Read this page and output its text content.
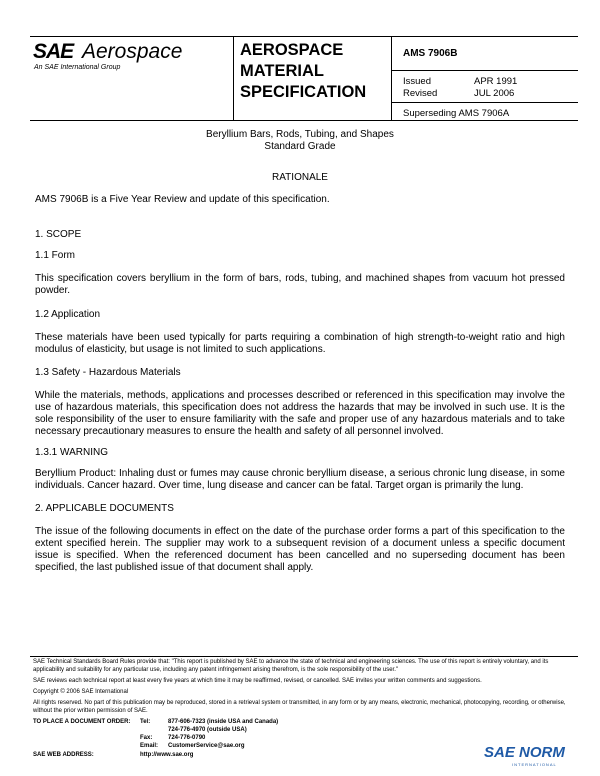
SAE Aerospace
An SAE International Group
AEROSPACE
MATERIAL
SPECIFICATION
AMS 7906B
Issued	APR 1991
Revised	JUL 2006
Superseding AMS 7906A
Beryllium Bars, Rods, Tubing, and Shapes
Standard Grade
RATIONALE
AMS 7906B is a Five Year Review and update of this specification.
1. SCOPE
1.1 Form
This specification covers beryllium in the form of bars, rods, tubing, and machined shapes from vacuum hot pressed powder.
1.2 Application
These materials have been used typically for parts requiring a combination of high strength-to-weight ratio and high modulus of elasticity, but usage is not limited to such applications.
1.3 Safety - Hazardous Materials
While the materials, methods, applications and processes described or referenced in this specification may involve the use of hazardous materials, this specification does not address the hazards that may be involved in such use. It is the sole responsibility of the user to ensure familiarity with the safe and proper use of any hazardous materials and to take necessary precautionary measures to ensure the health and safety of all personnel involved.
1.3.1 WARNING
Beryllium Product: Inhaling dust or fumes may cause chronic beryllium disease, a serious chronic lung disease, in some individuals. Cancer hazard. Over time, lung disease and cancer can be fatal. Target organ is primarily the lung.
2. APPLICABLE DOCUMENTS
The issue of the following documents in effect on the date of the purchase order forms a part of this specification to the extent specified herein. The supplier may work to a subsequent revision of a document unless a specific document issue is specified. When the referenced document has been cancelled and no superseding document has been specified, the last published issue of that document shall apply.
SAE Technical Standards Board Rules provide that: "This report is published by SAE to advance the state of technical and engineering sciences. The use of this report is entirely voluntary, and its applicability and suitability for any particular use, including any patent infringement arising therefrom, is the sole responsibility of the user."
SAE reviews each technical report at least every five years at which time it may be reaffirmed, revised, or cancelled. SAE invites your written comments and suggestions.
Copyright © 2006 SAE International
All rights reserved. No part of this publication may be reproduced, stored in a retrieval system or transmitted, in any form or by any means, electronic, mechanical, photocopying, recording, or otherwise, without the prior written permission of SAE.
TO PLACE A DOCUMENT ORDER: Tel:	877-606-7323 (inside USA and Canada)
724-776-4970 (outside USA)
Fax:	724-776-0790
Email: CustomerService@sae.org
SAE WEB ADDRESS:	http://www.sae.org	SAE NORM
INTERNATIONAL
